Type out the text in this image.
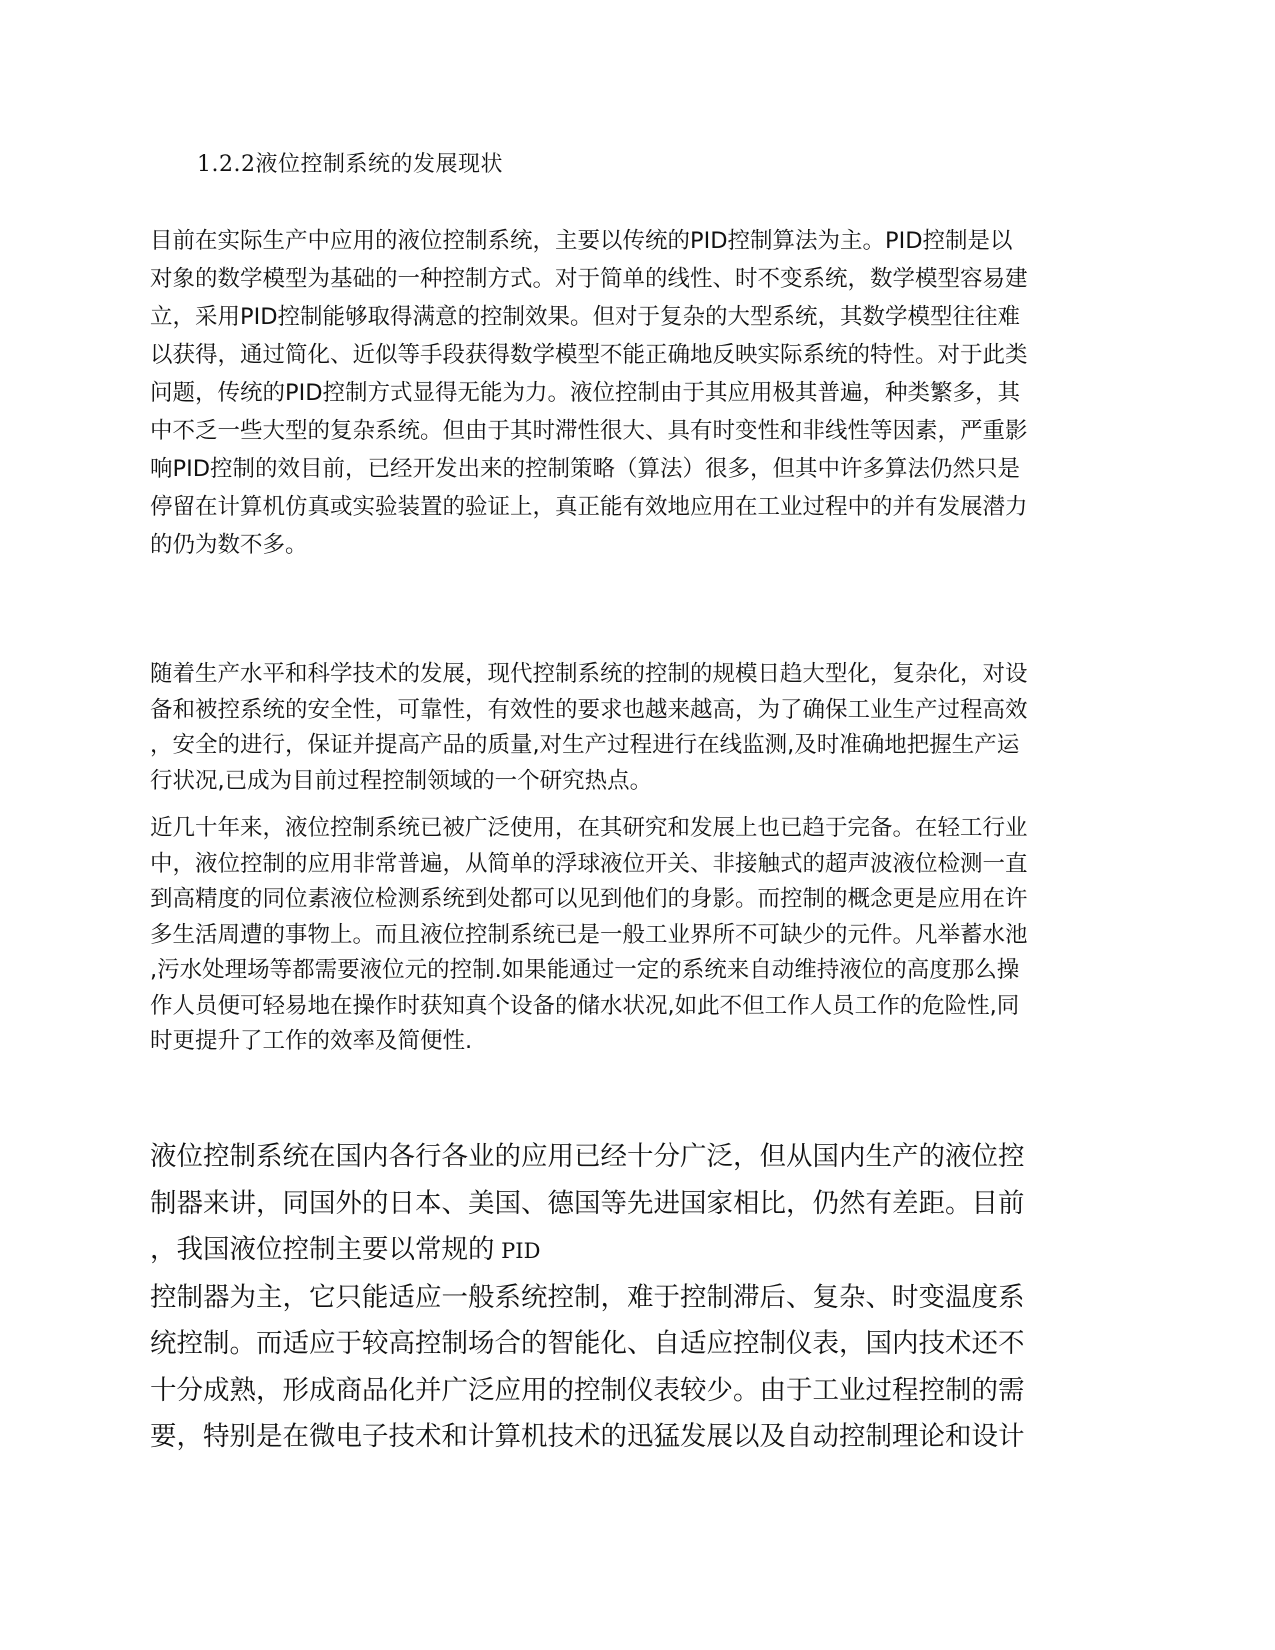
1.2.2液位控制系统的发展现状
目前在实际生产中应用的液位控制系统，主要以传统的PID控制算法为主。PID控制是以
对象的数学模型为基础的一种控制方式。对于简单的线性、时不变系统，数学模型容易建
立，采用PID控制能够取得满意的控制效果。但对于复杂的大型系统，其数学模型往往难
以获得，通过简化、近似等手段获得数学模型不能正确地反映实际系统的特性。对于此类
问题，传统的PID控制方式显得无能为力。液位控制由于其应用极其普遍，种类繁多，其
中不乏一些大型的复杂系统。但由于其时滞性很大、具有时变性和非线性等因素，严重影
响PID控制的效目前，已经开发出来的控制策略（算法）很多，但其中许多算法仍然只是
停留在计算机仿真或实验装置的验证上，真正能有效地应用在工业过程中的并有发展潜力
的仍为数不多。
随着生产水平和科学技术的发展，现代控制系统的控制的规模日趋大型化，复杂化，对设
备和被控系统的安全性，可靠性，有效性的要求也越来越高，为了确保工业生产过程高效
，安全的进行，保证并提高产品的质量,对生产过程进行在线监测,及时准确地把握生产运
行状况,已成为目前过程控制领域的一个研究热点。
近几十年来，液位控制系统已被广泛使用，在其研究和发展上也已趋于完备。在轻工行业
中，液位控制的应用非常普遍，从简单的浮球液位开关、非接触式的超声波液位检测一直
到高精度的同位素液位检测系统到处都可以见到他们的身影。而控制的概念更是应用在许
多生活周遭的事物上。而且液位控制系统已是一般工业界所不可缺少的元件。凡举蓄水池
,污水处理场等都需要液位元的控制.如果能通过一定的系统来自动维持液位的高度那么操
作人员便可轻易地在操作时获知真个设备的储水状况,如此不但工作人员工作的危险性,同
时更提升了工作的效率及简便性.
液位控制系统在国内各行各业的应用已经十分广泛，但从国内生产的液位控
制器来讲，同国外的日本、美国、德国等先进国家相比，仍然有差距。目前
，我国液位控制主要以常规的 PID
控制器为主，它只能适应一般系统控制，难于控制滞后、复杂、时变温度系
统控制。而适应于较高控制场合的智能化、自适应控制仪表，国内技术还不
十分成熟，形成商品化并广泛应用的控制仪表较少。由于工业过程控制的需
要，特别是在微电子技术和计算机技术的迅猛发展以及自动控制理论和设计
